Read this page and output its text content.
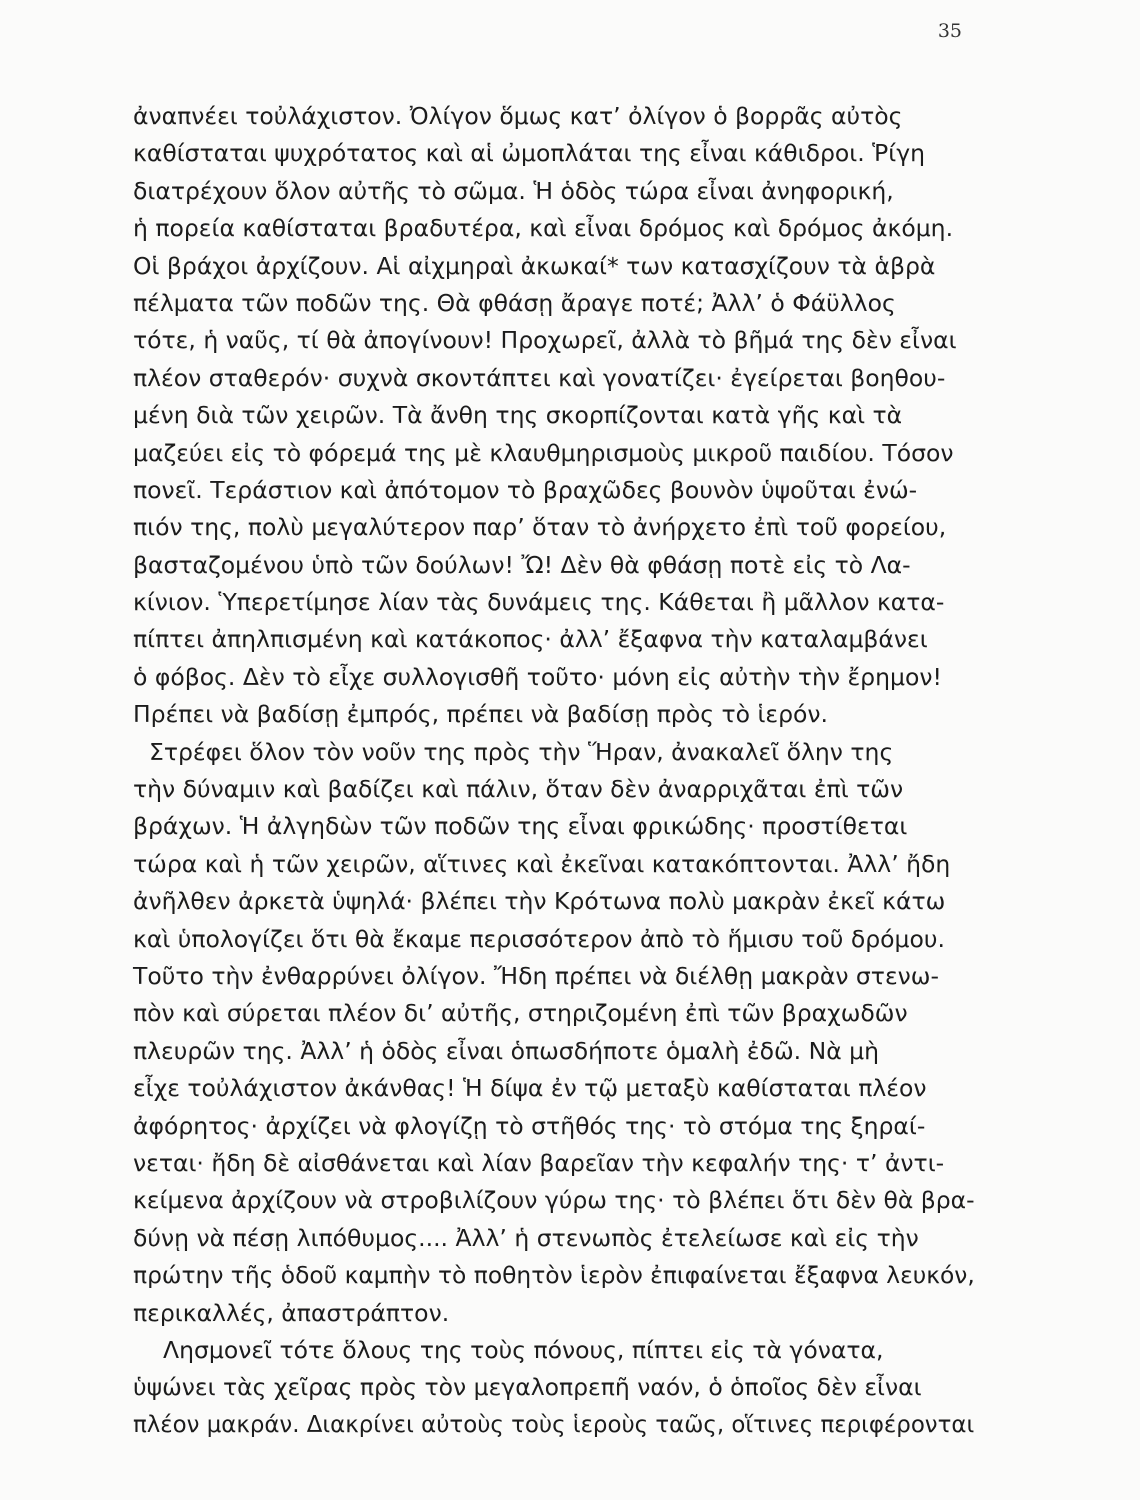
35
ἀναπνέει τοὐλάχιστον. Ὀλίγον ὅμως κατ’ ὀλίγον ὁ βορρᾶς αὐτὸς
καθίσταται ψυχρότατος καὶ αἱ ὠμοπλάται της εἶναι κάθιδροι. Ῥίγη
διατρέχουν ὅλον αὐτῆς τὸ σῶμα. Ἡ ὁδὸς τώρα εἶναι ἀνηφορική,
ἡ πορεία καθίσταται βραδυτέρα, καὶ εἶναι δρόμος καὶ δρόμος ἀκόμη.
Οἱ βράχοι ἀρχίζουν. Αἱ αἰχμηραὶ ἀκωκαί* των κατασχίζουν τὰ ἁβρὰ
πέλματα τῶν ποδῶν της. Θὰ φθάσῃ ἄραγε ποτέ; Ἀλλ’ ὁ Φάϋλλος
τότε, ἡ ναῦς, τί θὰ ἀπογίνουν! Προχωρεῖ, ἀλλὰ τὸ βῆμά της δὲν εἶναι
πλέον σταθερόν· συχνὰ σκοντάπτει καὶ γονατίζει· ἐγείρεται βοηθου-
μένη διὰ τῶν χειρῶν. Τὰ ἄνθη της σκορπίζονται κατὰ γῆς καὶ τὰ
μαζεύει εἰς τὸ φόρεμά της μὲ κλαυθμηρισμοὺς μικροῦ παιδίου. Τόσον
πονεῖ. Τεράστιον καὶ ἀπότομον τὸ βραχῶδες βουνὸν ὑψοῦται ἐνώ-
πιόν της, πολὺ μεγαλύτερον παρ’ ὅταν τὸ ἀνήρχετο ἐπὶ τοῦ φορείου,
βασταζομένου ὑπὸ τῶν δούλων! Ὤ! Δὲν θὰ φθάσῃ ποτὲ εἰς τὸ Λα-
κίνιον. Ὑπερετίμησε λίαν τὰς δυνάμεις της. Κάθεται ἢ μᾶλλον κατα-
πίπτει ἀπηλπισμένη καὶ κατάκοπος· ἀλλ’ ἔξαφνα τὴν καταλαμβάνει
ὁ φόβος. Δὲν τὸ εἶχε συλλογισθῆ τοῦτο· μόνη εἰς αὐτὴν τὴν ἔρημον!
Πρέπει νὰ βαδίσῃ ἐμπρός, πρέπει νὰ βαδίσῃ πρὸς τὸ ἱερόν.
Στρέφει ὅλον τὸν νοῦν της πρὸς τὴν Ἥραν, ἀνακαλεῖ ὅλην της
τὴν δύναμιν καὶ βαδίζει καὶ πάλιν, ὅταν δὲν ἀναρριχᾶται ἐπὶ τῶν
βράχων. Ἡ ἀλγηδὼν τῶν ποδῶν της εἶναι φρικώδης· προστίθεται
τώρα καὶ ἡ τῶν χειρῶν, αἵτινες καὶ ἐκεῖναι κατακόπτονται. Ἀλλ’ ἤδη
ἀνῆλθεν ἀρκετὰ ὑψηλά· βλέπει τὴν Κρότωνα πολὺ μακρὰν ἐκεῖ κάτω
καὶ ὑπολογίζει ὅτι θὰ ἔκαμε περισσότερον ἀπὸ τὸ ἥμισυ τοῦ δρόμου.
Τοῦτο τὴν ἐνθαρρύνει ὀλίγον. Ἤδη πρέπει νὰ διέλθῃ μακρὰν στενω-
πὸν καὶ σύρεται πλέον δι’ αὐτῆς, στηριζομένη ἐπὶ τῶν βραχωδῶν
πλευρῶν της. Ἀλλ’ ἡ ὁδὸς εἶναι ὁπωσδήποτε ὁμαλὴ ἐδῶ. Νὰ μὴ
εἶχε τοὐλάχιστον ἀκάνθας! Ἡ δίψα ἐν τῷ μεταξὺ καθίσταται πλέον
ἀφόρητος· ἀρχίζει νὰ φλογίζῃ τὸ στῆθός της· τὸ στόμα της ξηραί-
νεται· ἤδη δὲ αἰσθάνεται καὶ λίαν βαρεῖαν τὴν κεφαλήν της· τ’ ἀντι-
κείμενα ἀρχίζουν νὰ στροβιλίζουν γύρω της· τὸ βλέπει ὅτι δὲν θὰ βρα-
δύνῃ νὰ πέσῃ λιπόθυμος.... Ἀλλ’ ἡ στενωπὸς ἐτελείωσε καὶ εἰς τὴν
πρώτην τῆς ὁδοῦ καμπὴν τὸ ποθητὸν ἱερὸν ἐπιφαίνεται ἔξαφνα λευκόν,
περικαλλές, ἀπαστράπτον.
Λησμονεῖ τότε ὅλους της τοὺς πόνους, πίπτει εἰς τὰ γόνατα,
ὑψώνει τὰς χεῖρας πρὸς τὸν μεγαλοπρεπῆ ναόν, ὁ ὁποῖος δὲν εἶναι
πλέον μακράν. Διακρίνει αὐτοὺς τοὺς ἱεροὺς ταῶς, οἵτινες περιφέρονται
